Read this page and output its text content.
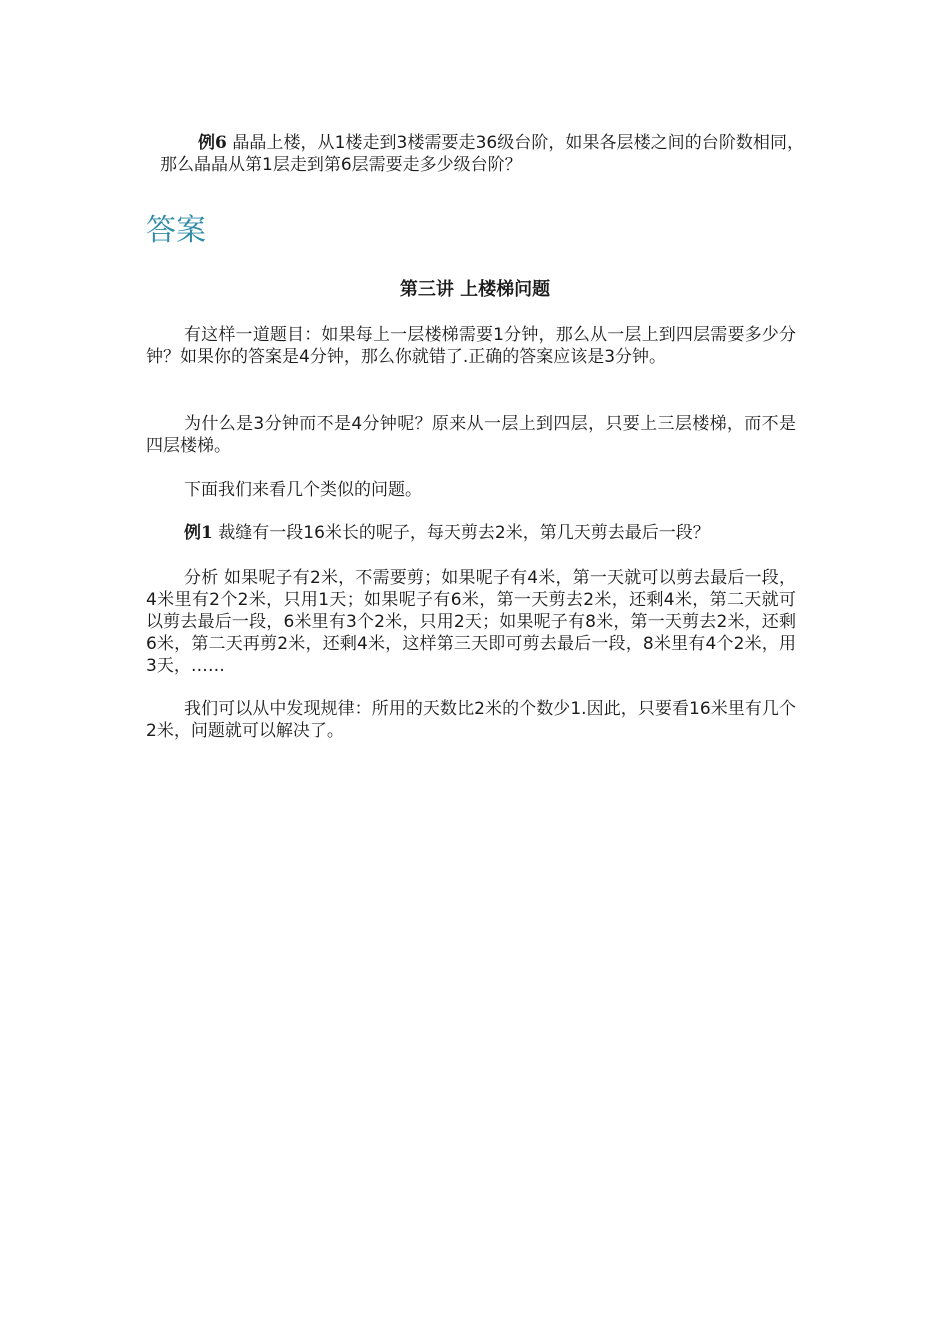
例6 晶晶上楼，从1楼走到3楼需要走36级台阶，如果各层楼之间的台阶数相同，那么晶晶从第1层走到第6层需要走多少级台阶？

答案
第三讲 上楼梯问题

有这样一道题目：如果每上一层楼梯需要1分钟，那么从一层上到四层需要多少分钟？如果你的答案是4分钟，那么你就错了.正确的答案应该是3分钟。

为什么是3分钟而不是4分钟呢？原来从一层上到四层，只要上三层楼梯，而不是四层楼梯。

下面我们来看几个类似的问题。

例1 裁缝有一段16米长的呢子，每天剪去2米，第几天剪去最后一段？

分析 如果呢子有2米，不需要剪；如果呢子有4米，第一天就可以剪去最后一段，4米里有2个2米，只用1天；如果呢子有6米，第一天剪去2米，还剩4米，第二天就可以剪去最后一段，6米里有3个2米，只用2天；如果呢子有8米，第一天剪去2米，还剩6米，第二天再剪2米，还剩4米，这样第三天即可剪去最后一段，8米里有4个2米，用3天，……

我们可以从中发现规律：所用的天数比2米的个数少1.因此，只要看16米里有几个2米，问题就可以解决了。
